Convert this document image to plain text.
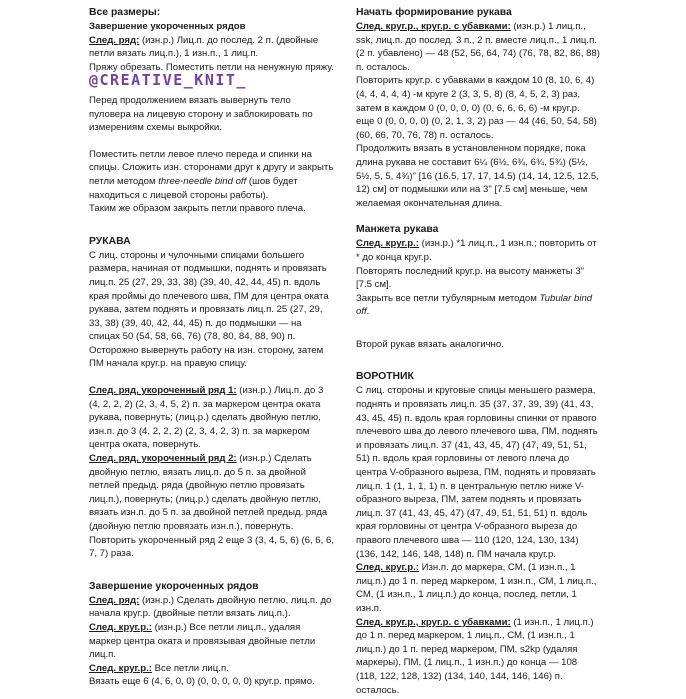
Все размеры:
Завершение укороченных рядов
След. ряд: (изн.р.) Лиц.п. до послед. 2 п. (двойные петли вязать лиц.п.), 1 изн.п., 1 лиц.п.
Пряжу обрезать. Поместить петли на ненужную пряжу.
@CREATIVE_KNIT_

Перед продолжением вязать вывернуть тело пуловера на лицевую сторону и заблокировать по измерениям схемы выкройки.

Поместить петли левое плечо переда и спинки на спицы. Сложить изн. сторонами друг к другу и закрыть петли методом three-needle bind off (шов будет находиться с лицевой стороны работы).

Таким же образом закрыть петли правого плеча.

РУКАВА

С лиц. стороны и чулочными спицами большего размера, начиная от подмышки, поднять и провязать лиц.п. 25 (27, 29, 33, 38) (39, 40, 42, 44, 45) п. вдоль края проймы до плечевого шва, ПМ для центра оката рукава, затем поднять и провязать лиц.п. 25 (27, 29, 33, 38) (39, 40, 42, 44, 45) п. до подмышки — на спицах 50 (54, 58, 66, 76) (78, 80, 84, 88, 90) п. Осторожно вывернуть работу на изн. сторону, затем ПМ начала круг.р. на правую спицу.

След. ряд, укороченный ряд 1: (изн.р.) Лиц.п. до 3 (4, 2, 2, 2) (2, 3, 4, 5, 2) п. за маркером центра оката рукава, повернуть; (лиц.р.) сделать двойную петлю, изн.п. до 3 (4, 2, 2, 2) (2, 3, 4, 2, 3) п. за маркером центра оката, повернуть.

След. ряд, укороченный ряд 2: (изн.р.) Сделать двойную петлю, вязать лиц.п. до 5 п. за двойной петлей предыд. ряда (двойную петлю провязать лиц.п.), повернуть; (лиц.р.) сделать двойную петлю, вязать изн.п. до 5 п. за двойной петлей предыд. ряда (двойную петлю провязать изн.п.), повернуть.

Повторить укороченный ряд 2 еще 3 (3, 4, 5, 6) (6, 6, 6, 7, 7) раза.

Завершение укороченных рядов
След. ряд: (изн.р.) Сделать двойную петлю, лиц.п. до начала круг.р. (двойные петли вязать лиц.п.).
След. круг.р.: (изн.р.) Все петли лиц.п., удаляя маркер центра оката и провязывая двойные петли лиц.п.
След. круг.р.: Все петли лиц.п.
Вязать еще 6 (4, 6, 0, 0) (0, 0, 0, 0, 0) круг.р. прямо.
Начать формирование рукава

След. круг.р., круг.р. с убавками: (изн.р.) 1 лиц.п., ssk, лиц.п. до послед. 3 п., 2 п. вместе лиц.п., 1 лиц.п. (2 п. убавлено) — 48 (52, 56, 64, 74) (76, 78, 82, 86, 88) п. осталось.

Повторить круг.р. с убавками в каждом 10 (8, 10, 6, 4) (4, 4, 4, 4, 4) -м круге 2 (3, 3, 5, 8) (8, 4, 5, 2, 3) раз, затем в каждом 0 (0, 0, 0, 0) (0, 6, 6, 6, 6) -м круг.р. еще 0 (0, 0, 0, 0) (0, 2, 1, 3, 2) раз — 44 (46, 50, 54, 58) (60, 66, 70, 76, 78) п. осталось.

Продолжить вязать в установленном порядке, пока длина рукава не составит 6¼ (6½, 6¾, 6¾, 5¾) (5½, 5½, 5, 5, 4¾)" [16 (16.5, 17, 17, 14.5) (14, 14, 12.5, 12.5, 12) см] от подмышки или на 3" [7.5 см] меньше, чем желаемая окончательная длина.

Манжета рукава
След. круг.р.: (изн.р.) *1 лиц.п., 1 изн.п.; повторить от * до конца круг.р.
Повторять последний круг.р. на высоту манжеты 3" [7.5 см].

Закрыть все петли тубулярным методом Tubular bind off.

Второй рукав вязать аналогично.

ВОРОТНИК

С лиц. стороны и круговые спицы меньшего размера, поднять и провязать лиц.п. 35 (37, 37, 39, 39) (41, 43, 43, 45, 45) п. вдоль края горловины спинки от правого плечевого шва до левого плечевого шва, ПМ, поднять и провязать лиц.п. 37 (41, 43, 45, 47) (47, 49, 51, 51, 51) п. вдоль края горловины от левого плеча до центра V-образного выреза, ПМ, поднять и провязать лиц.п. 1 (1, 1, 1, 1) п. в центральную петлю ниже V-образного выреза, ПМ, затем поднять и провязать лиц.п. 37 (41, 43, 45, 47) (47, 49, 51, 51, 51) п. вдоль края горловины от центра V-образного выреза до правого плечевого шва — 110 (120, 124, 130, 134) (136, 142, 146, 148, 148) п. ПМ начала круг.р.

След. круг.р.: Изн.п. до маркера, СМ, (1 изн.п., 1 лиц.п.) до 1 п. перед маркером, 1 изн.п., СМ, 1 лиц.п., СМ, (1 изн.п., 1 лиц.п.) до конца, послед. петли, 1 изн.п.

След. круг.р., круг.р. с убавками: (1 изн.п., 1 лиц.п.) до 1 п. перед маркером, 1 лиц.п., СМ, (1 изн.п., 1 лиц.п.) до 1 п. перед маркером, ПМ, s2kp (удаляя маркеры), ПМ, (1 лиц.п., 1 изн.п.) до конца — 108 (118, 122, 128, 132) (134, 140, 144, 146, 146) п. осталось.
